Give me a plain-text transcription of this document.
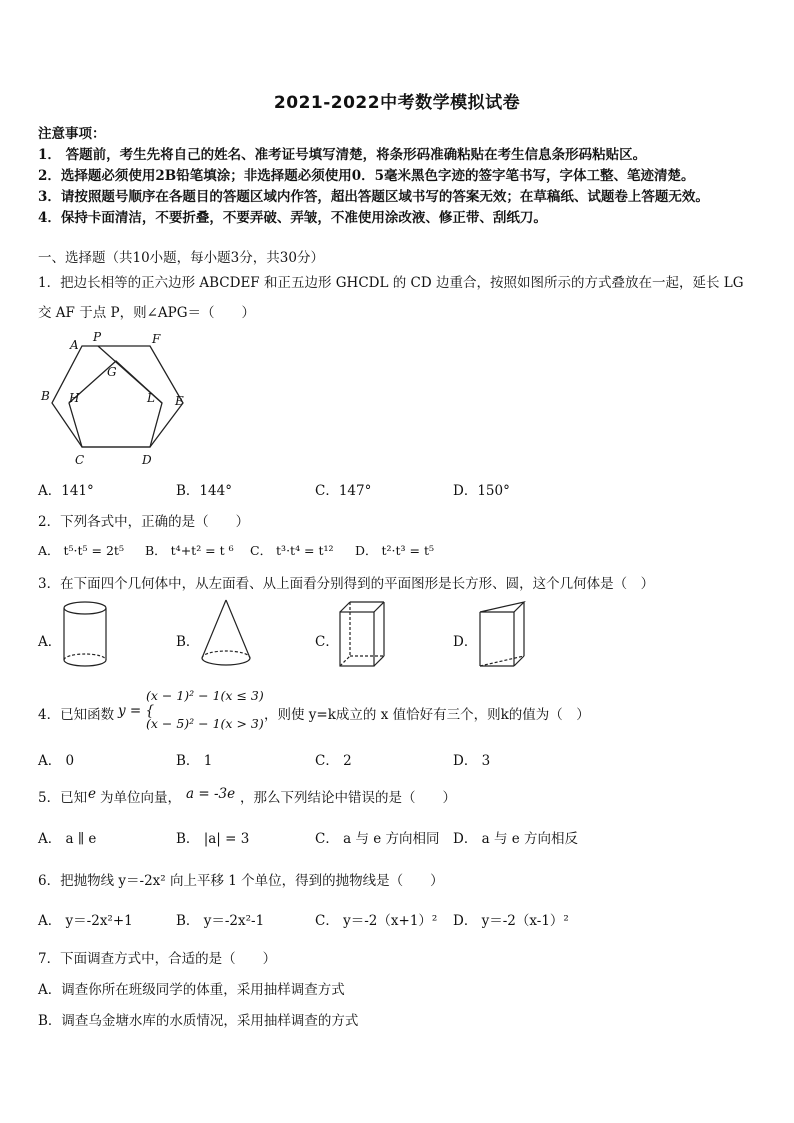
2021-2022中考数学模拟试卷
注意事项：
1． 答题前，考生先将自己的姓名、准考证号填写清楚，将条形码准确粘贴在考生信息条形码粘贴区。
2．选择题必须使用2B铅笔填涂；非选择题必须使用0．5毫米黑色字迹的签字笔书写，字体工整、笔迹清楚。
3．请按照题号顺序在各题目的答题区域内作答，超出答题区域书写的答案无效；在草稿纸、试题卷上答题无效。
4．保持卡面清洁，不要折叠，不要弄破、弄皱，不准使用涂改液、修正带、刮纸刀。
一、选择题（共10小题，每小题3分，共30分）
1．把边长相等的正六边形 ABCDEF 和正五边形 GHCDL 的 CD 边重合，按照如图所示的方式叠放在一起，延长 LG
交 AF 于点 P，则∠APG＝（　　）
A
P	F
G
B H	L E
C	D
A．141°	B．144°	C．147°	D．150°
2．下列各式中，正确的是（　　）
A． t⁵·t⁵ = 2t⁵ B． t⁴+t² = t ⁶ C． t³·t⁴ = t¹² D． t²·t³ = t⁵
3．在下面四个几何体中，从左面看、从上面看分别得到的平面图形是长方形、圆，这个几何体是（　）
A．	B．	C．	D．
4．已知函数 y = {
(x − 1)² − 1(x ≤ 3)
(x − 5)² − 1(x > 3)
，则使 y=k成立的 x 值恰好有三个，则k的值为（　）
A． 0	B． 1	C． 2	D． 3
5．已知 e 为单位向量， a = -3e ，那么下列结论中错误的是（　　）
A． a ∥ e	B． |a| = 3	C． a 与 e 方向相同 D． a 与 e 方向相反
6．把抛物线 y＝-2x² 向上平移 1 个单位，得到的抛物线是（　　）
A． y＝-2x²+1	B． y＝-2x²-1	C． y＝-2（x+1）² D． y＝-2（x-1）²
7．下面调查方式中，合适的是（　　）
A．调查你所在班级同学的体重，采用抽样调查方式
B．调查乌金塘水库的水质情况，采用抽样调查的方式
